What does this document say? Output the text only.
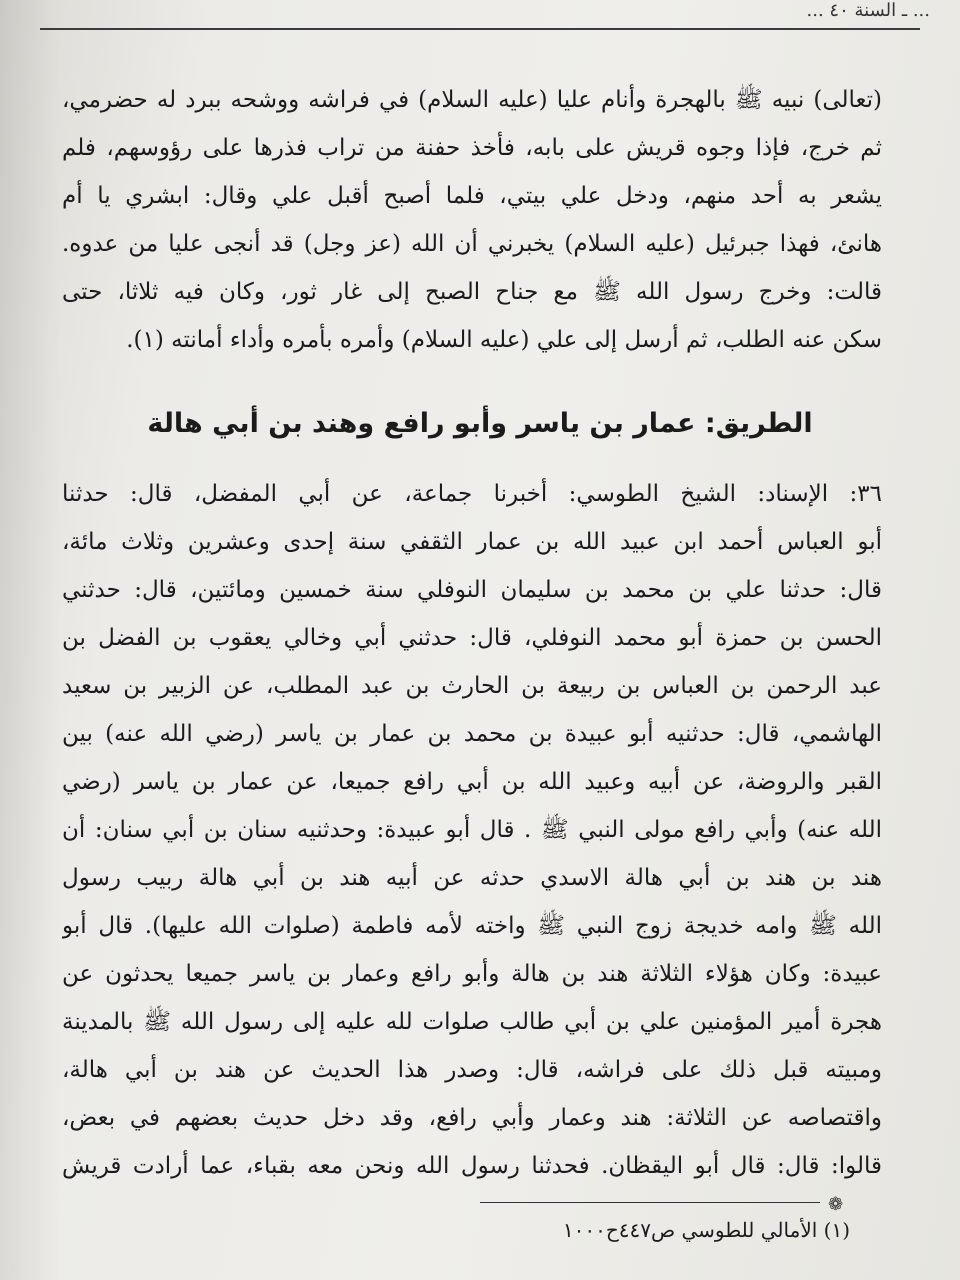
... ـ السنة ٤٠ ...
(تعالى) نبيه ﷺ بالهجرة وأنام عليا (عليه السلام) في فراشه ووشحه ببرد له حضرمي،
ثم خرج، فإذا وجوه قريش على بابه، فأخذ حفنة من تراب فذرها على رؤوسهم، فلم
يشعر به أحد منهم، ودخل علي بيتي، فلما أصبح أقبل علي وقال: ابشري يا أم
هانئ، فهذا جبرئيل (عليه السلام) يخبرني أن الله (عز وجل) قد أنجى عليا من عدوه.
قالت: وخرج رسول الله ﷺ مع جناح الصبح إلى غار ثور، وكان فيه ثلاثا، حتى
سكن عنه الطلب، ثم أرسل إلى علي (عليه السلام) وأمره بأمره وأداء أمانته (١).
الطريق: عمار بن ياسر وأبو رافع وهند بن أبي هالة
٣٦: الإسناد: الشيخ الطوسي: أخبرنا جماعة، عن أبي المفضل، قال: حدثنا
أبو العباس أحمد ابن عبيد الله بن عمار الثقفي سنة إحدى وعشرين وثلاث مائة،
قال: حدثنا علي بن محمد بن سليمان النوفلي سنة خمسين ومائتين، قال: حدثني
الحسن بن حمزة أبو محمد النوفلي، قال: حدثني أبي وخالي يعقوب بن الفضل بن
عبد الرحمن بن العباس بن ربيعة بن الحارث بن عبد المطلب، عن الزبير بن سعيد
الهاشمي، قال: حدثنيه أبو عبيدة بن محمد بن عمار بن ياسر (رضي الله عنه) بين
القبر والروضة، عن أبيه وعبيد الله بن أبي رافع جميعا، عن عمار بن ياسر (رضي
الله عنه) وأبي رافع مولى النبي ﷺ . قال أبو عبيدة: وحدثنيه سنان بن أبي سنان: أن
هند بن هند بن أبي هالة الاسدي حدثه عن أبيه هند بن أبي هالة ربيب رسول
الله ﷺ وامه خديجة زوج النبي ﷺ واخته لأمه فاطمة (صلوات الله عليها). قال أبو
عبيدة: وكان هؤلاء الثلاثة هند بن هالة وأبو رافع وعمار بن ياسر جميعا يحدثون عن
هجرة أمير المؤمنين علي بن أبي طالب صلوات لله عليه إلى رسول الله ﷺ بالمدينة
ومبيته قبل ذلك على فراشه، قال: وصدر هذا الحديث عن هند بن أبي هالة،
واقتصاصه عن الثلاثة: هند وعمار وأبي رافع، وقد دخل حديث بعضهم في بعض،
قالوا: قال: قال أبو اليقظان. فحدثنا رسول الله ونحن معه بقباء، عما أرادت قريش
❁
(١) الأمالي للطوسي ص٤٤٧ح١٠٠٠
